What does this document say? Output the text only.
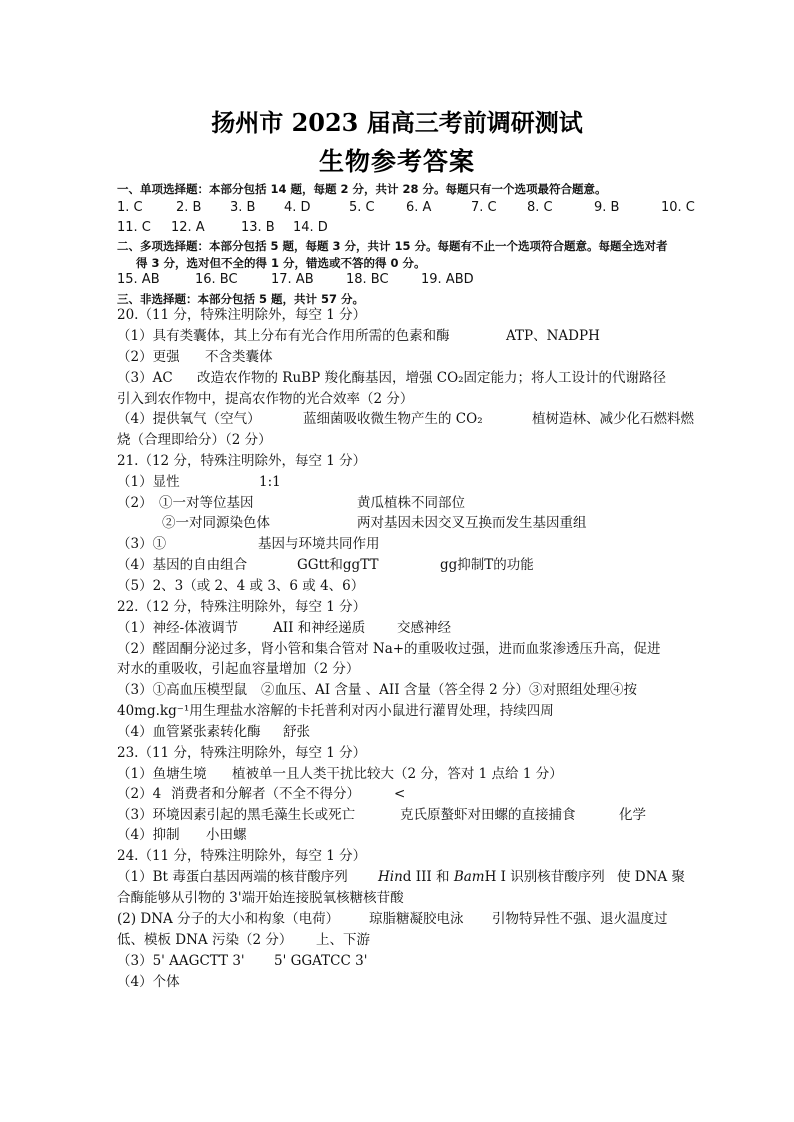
扬州市 2023 届高三考前调研测试
生物参考答案
一、单项选择题：本部分包括 14 题，每题 2 分，共计 28 分。每题只有一个选项最符合题意。
1. C	2. B 3. B 4. D	5. C 6. A	7. C 8. C	9. B	10. C
11. C 12. A	13. B 14. D
二、多项选择题：本部分包括 5 题，每题 3 分，共计 15 分。每题有不止一个选项符合题意。每题全选对者
得 3 分，选对但不全的得 1 分，错选或不答的得 0 分。
15. AB	16. BC	17. AB 18. BC 19. ABD
三、非选择题：本部分包括 5 题，共计 57 分。
20.（11 分，特殊注明除外，每空 1 分）
（1）具有类囊体，其上分布有光合作用所需的色素和酶	ATP、NADPH
（2）更强 不含类囊体
（3）AC 改造农作物的 RuBP 羧化酶基因，增强 CO₂固定能力；将人工设计的代谢路径
引入到农作物中，提高农作物的光合效率（2 分）
（4）提供氧气（空气）	蓝细菌吸收微生物产生的 CO₂	植树造林、减少化石燃料燃
烧（合理即给分）（2 分）
21.（12 分，特殊注明除外，每空 1 分）
（1）显性	1:1
（2） ①一对等位基因	黄瓜植株不同部位
②一对同源染色体	两对基因未因交叉互换而发生基因重组
（3）①	基因与环境共同作用
（4）基因的自由组合	GGtt和ggTT	gg抑制T的功能
（5）2、3（或 2、4 或 3、6 或 4、6）
22.（12 分，特殊注明除外，每空 1 分）
（1）神经-体液调节	AII 和神经递质 交感神经
（2）醛固酮分泌过多，肾小管和集合管对 Na+的重吸收过强，进而血浆渗透压升高，促进
对水的重吸收，引起血容量增加（2 分）
（3）①高血压模型鼠 ②血压、AI 含量 、AII 含量（答全得 2 分）③对照组处理④按
40mg.kg⁻¹用生理盐水溶解的卡托普利对丙小鼠进行灌胃处理，持续四周
（4）血管紧张素转化酶 舒张
23.（11 分，特殊注明除外，每空 1 分）
（1）鱼塘生境 植被单一且人类干扰比较大（2 分，答对 1 点给 1 分）
（2）4 消费者和分解者（不全不得分）	<
（3）环境因素引起的黑毛藻生长或死亡	克氏原螯虾对田螺的直接捕食	化学
（4）抑制 小田螺
24.（11 分，特殊注明除外，每空 1 分）
（1）Bt 毒蛋白基因两端的核苷酸序列 Hind III 和 BamH I 识别核苷酸序列 使 DNA 聚
合酶能够从引物的 3'端开始连接脱氧核糖核苷酸
(2) DNA 分子的大小和构象（电荷） 琼脂糖凝胶电泳 引物特异性不强、退火温度过
低、模板 DNA 污染（2 分） 上、下游
（3）5' AAGCTT 3' 5' GGATCC 3'
（4）个体
